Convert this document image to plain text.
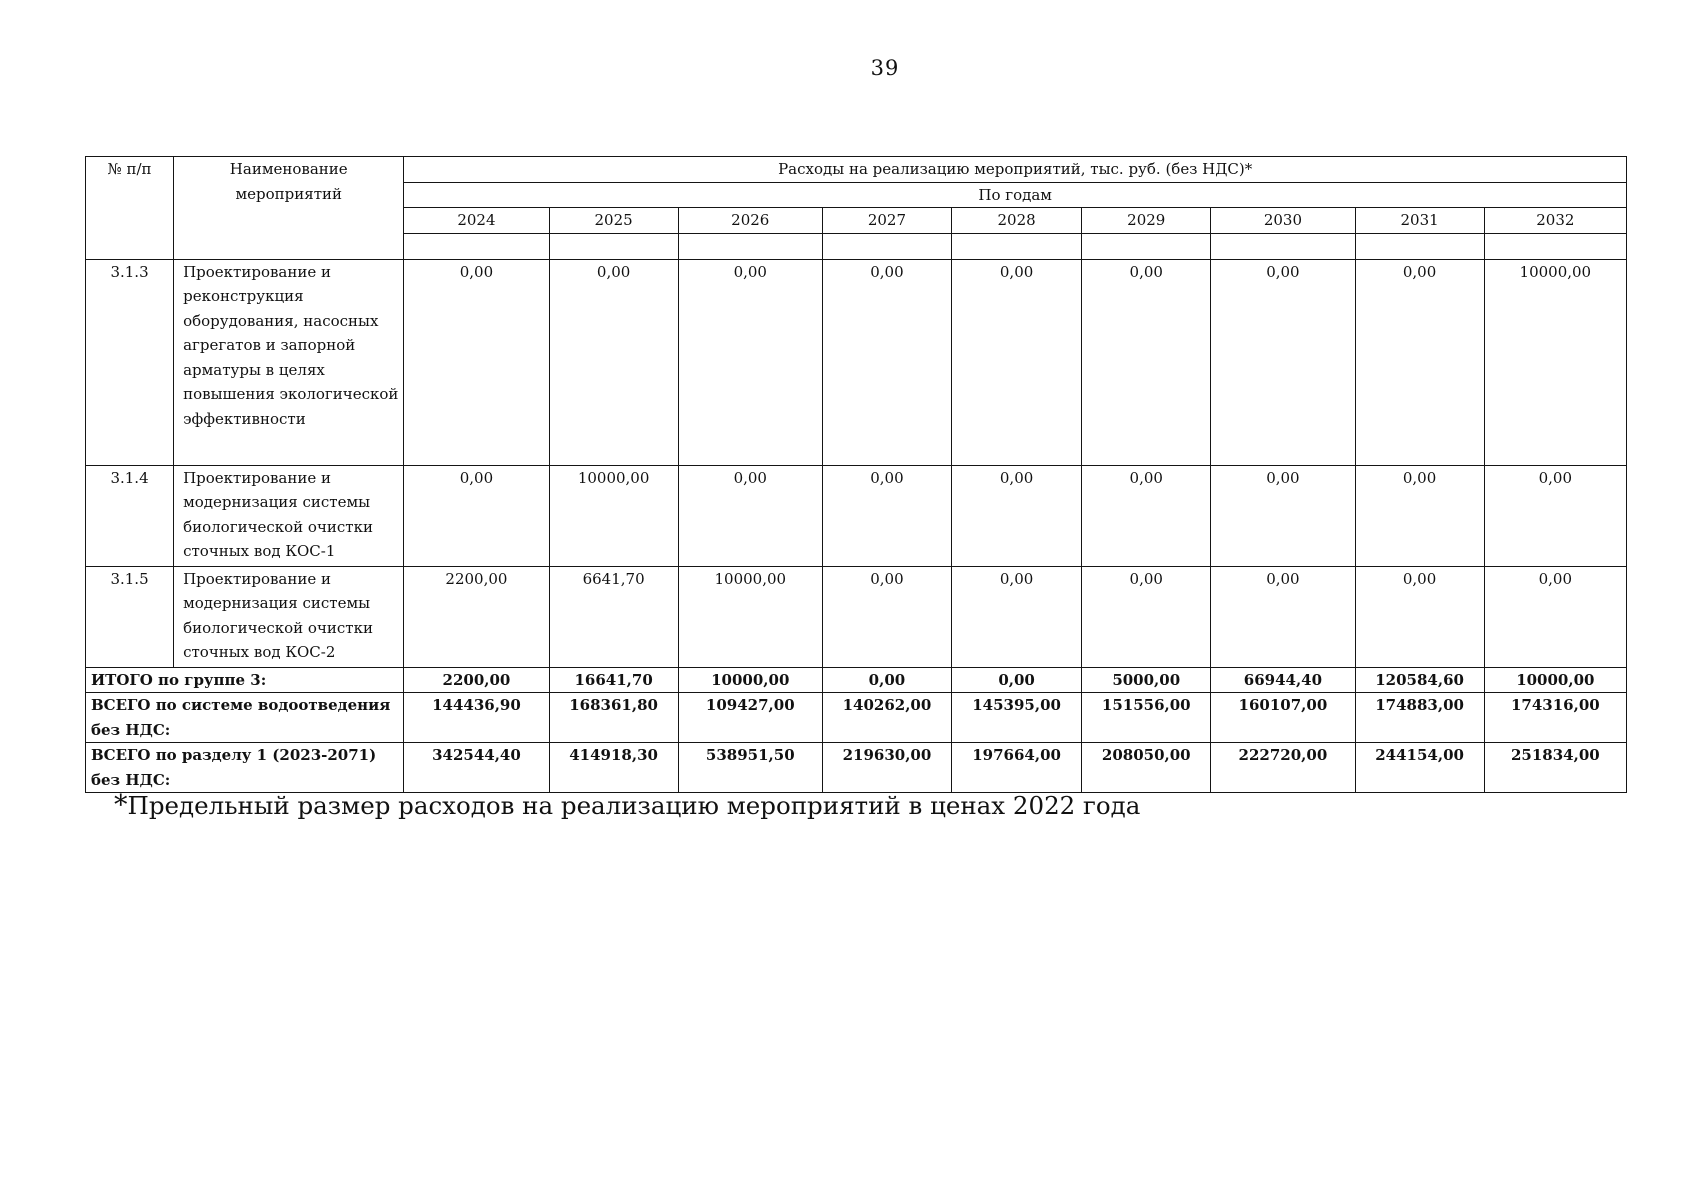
39
№ п/п	Наименование мероприятий	Расходы на реализацию мероприятий, тыс. руб. (без НДС)*								
		По годам								
		2024	2025	2026	2027	2028	2029	2030	2031	2032

3.1.3	Проектирование и реконструкция оборудования, насосных агрегатов и запорной арматуры в целях повышения экологической эффективности	0,00	0,00	0,00	0,00	0,00	0,00	0,00	0,00	10000,00
3.1.4	Проектирование и модернизация системы биологической очистки сточных вод КОС-1	0,00	10000,00	0,00	0,00	0,00	0,00	0,00	0,00	0,00
3.1.5	Проектирование и модернизация системы биологической очистки сточных вод КОС-2	2200,00	6641,70	10000,00	0,00	0,00	0,00	0,00	0,00	0,00
ИТОГО по группе 3:		2200,00	16641,70	10000,00	0,00	0,00	5000,00	66944,40	120584,60	10000,00
ВСЕГО по системе водоотведения без НДС:		144436,90	168361,80	109427,00	140262,00	145395,00	151556,00	160107,00	174883,00	174316,00
ВСЕГО по разделу 1 (2023-2071) без НДС:		342544,40	414918,30	538951,50	219630,00	197664,00	208050,00	222720,00	244154,00	251834,00
*Предельный размер расходов на реализацию мероприятий в ценах 2022 года
